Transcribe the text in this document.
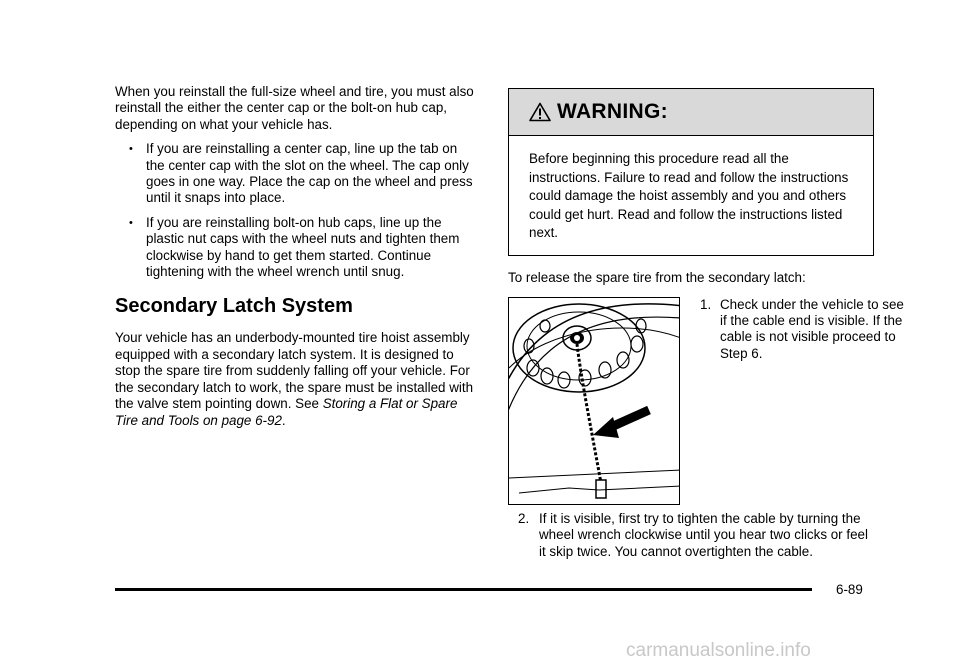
When you reinstall the full-size wheel and tire, you must also reinstall the either the center cap or the bolt-on hub cap, depending on what your vehicle has.

• If you are reinstalling a center cap, line up the tab on the center cap with the slot on the wheel. The cap only goes in one way. Place the cap on the wheel and press until it snaps into place.
• If you are reinstalling bolt-on hub caps, line up the plastic nut caps with the wheel nuts and tighten them clockwise by hand to get them started. Continue tightening with the wheel wrench until snug.
Secondary Latch System

Your vehicle has an underbody-mounted tire hoist assembly equipped with a secondary latch system. It is designed to stop the spare tire from suddenly falling off your vehicle. For the secondary latch to work, the spare must be installed with the valve stem pointing down. See Storing a Flat or Spare Tire and Tools on page 6-92.

WARNING:
Before beginning this procedure read all the instructions. Failure to read and follow the instructions could damage the hoist assembly and you and others could get hurt. Read and follow the instructions listed next.
To release the spare tire from the secondary latch:
1. Check under the vehicle to see if the cable end is visible. If the cable is not visible proceed to Step 6.
2. If it is visible, first try to tighten the cable by turning the wheel wrench clockwise until you hear two clicks or feel it skip twice. You cannot overtighten the cable.
6-89
carmanualsonline.info
